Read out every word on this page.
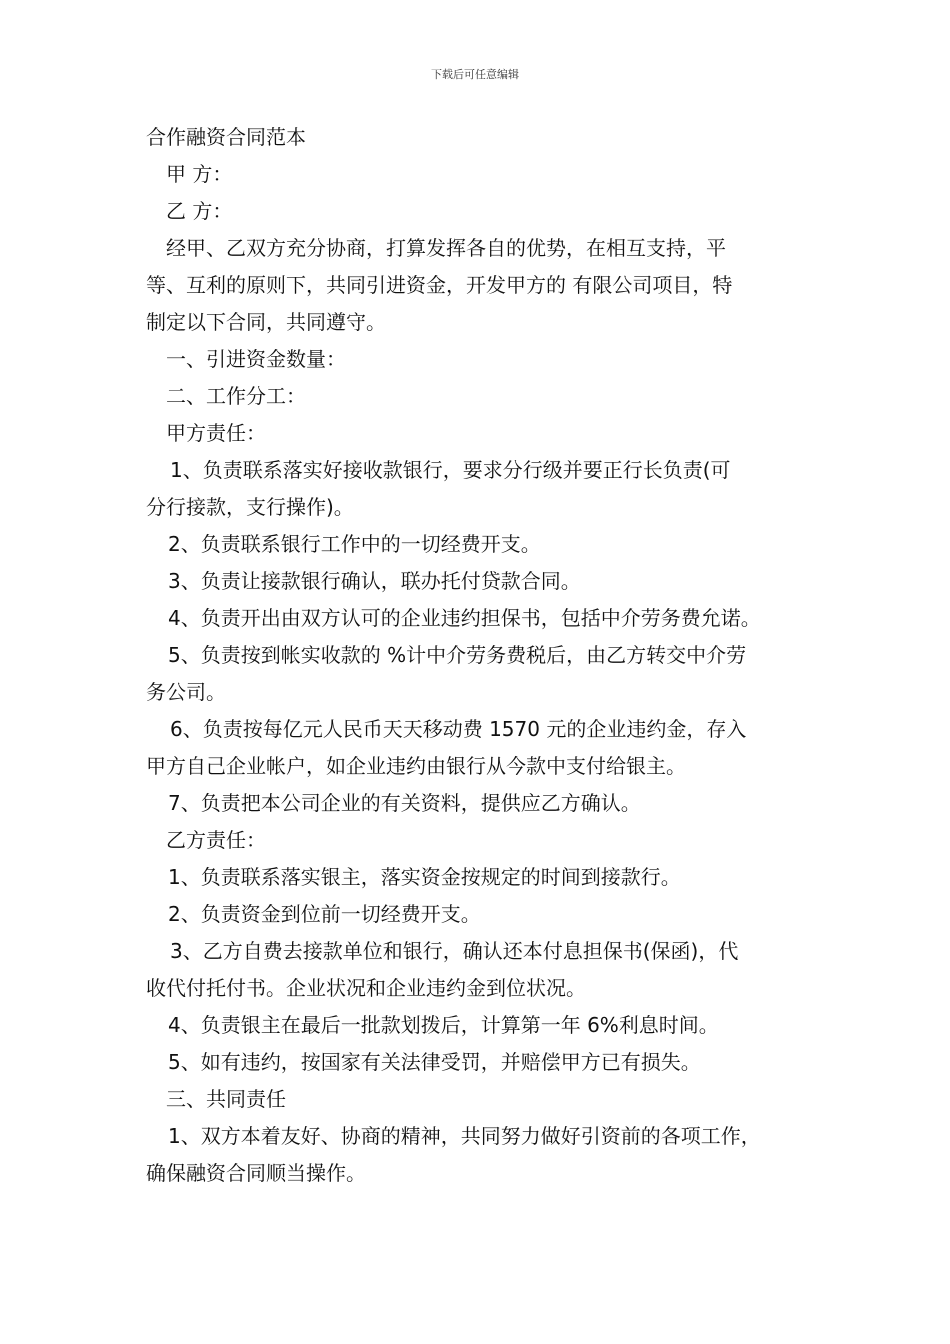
下载后可任意编辑
合作融资合同范本
甲 方：
乙 方：
经甲、乙双方充分协商，打算发挥各自的优势，在相互支持，平
等、互利的原则下，共同引进资金，开发甲方的 有限公司项目，特
制定以下合同，共同遵守。
一、引进资金数量：
二、工作分工：
甲方责任：
1、负责联系落实好接收款银行，要求分行级并要正行长负责(可
分行接款，支行操作)。
2、负责联系银行工作中的一切经费开支。
3、负责让接款银行确认，联办托付贷款合同。
4、负责开出由双方认可的企业违约担保书，包括中介劳务费允诺。
5、负责按到帐实收款的 %计中介劳务费税后，由乙方转交中介劳
务公司。
6、负责按每亿元人民币天天移动费 1570 元的企业违约金，存入
甲方自己企业帐户，如企业违约由银行从今款中支付给银主。
7、负责把本公司企业的有关资料，提供应乙方确认。
乙方责任：
1、负责联系落实银主，落实资金按规定的时间到接款行。
2、负责资金到位前一切经费开支。
3、乙方自费去接款单位和银行，确认还本付息担保书(保函)，代
收代付托付书。企业状况和企业违约金到位状况。
4、负责银主在最后一批款划拨后，计算第一年 6%利息时间。
5、如有违约，按国家有关法律受罚，并赔偿甲方已有损失。
三、共同责任
1、双方本着友好、协商的精神，共同努力做好引资前的各项工作，
确保融资合同顺当操作。
